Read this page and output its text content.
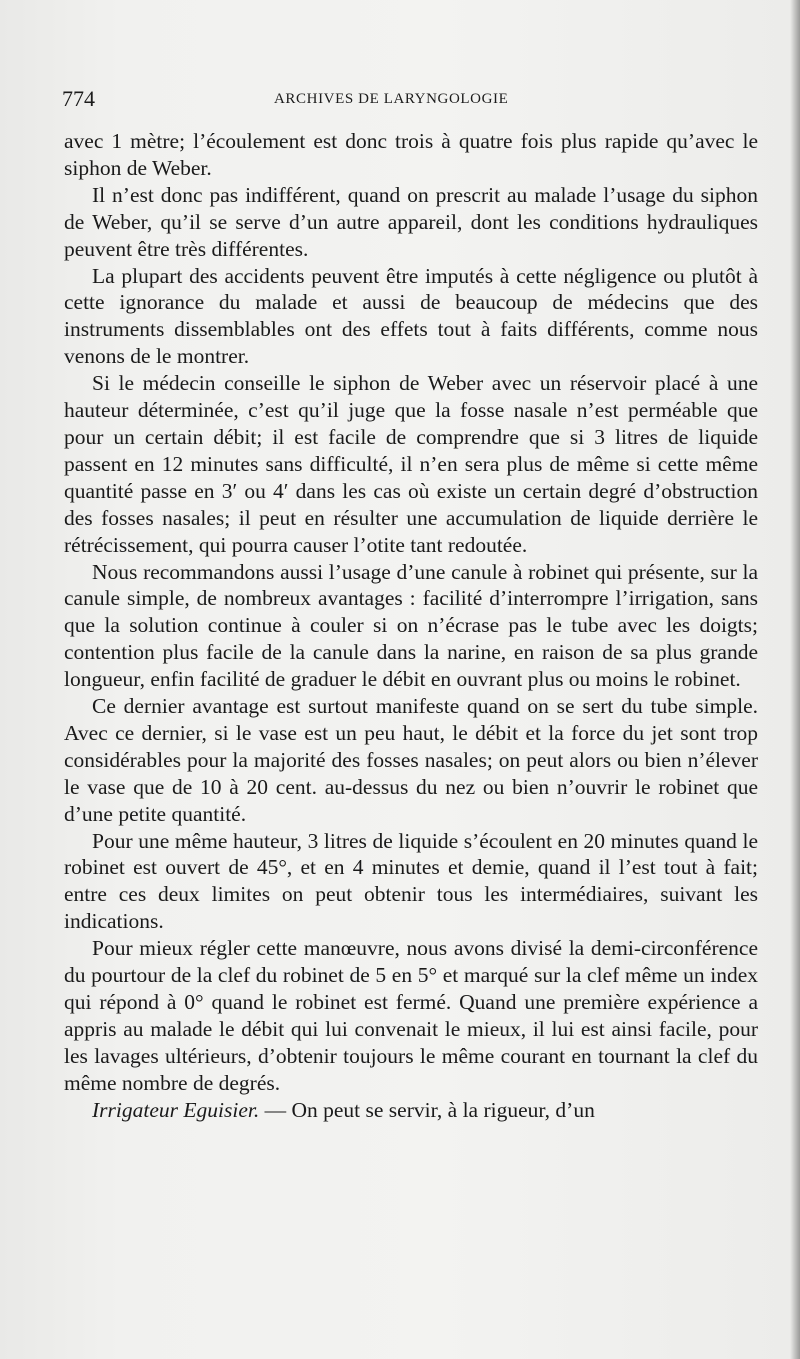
774	ARCHIVES DE LARYNGOLOGIE

avec 1 mètre; l’écoulement est donc trois à quatre fois plus rapide qu’avec le siphon de Weber.

Il n’est donc pas indifférent, quand on prescrit au malade l’usage du siphon de Weber, qu’il se serve d’un autre appareil, dont les conditions hydrauliques peuvent être très différentes.

La plupart des accidents peuvent être imputés à cette négligence ou plutôt à cette ignorance du malade et aussi de beaucoup de médecins que des instruments dissemblables ont des effets tout à faits différents, comme nous venons de le montrer.

Si le médecin conseille le siphon de Weber avec un réservoir placé à une hauteur déterminée, c’est qu’il juge que la fosse nasale n’est perméable que pour un certain débit; il est facile de comprendre que si 3 litres de liquide passent en 12 minutes sans difficulté, il n’en sera plus de même si cette même quantité passe en 3′ ou 4′ dans les cas où existe un certain degré d’obstruction des fosses nasales; il peut en résulter une accumulation de liquide derrière le rétrécissement, qui pourra causer l’otite tant redoutée.

Nous recommandons aussi l’usage d’une canule à robinet qui présente, sur la canule simple, de nombreux avantages : facilité d’interrompre l’irrigation, sans que la solution continue à couler si on n’écrase pas le tube avec les doigts; contention plus facile de la canule dans la narine, en raison de sa plus grande longueur, enfin facilité de graduer le débit en ouvrant plus ou moins le robinet.

Ce dernier avantage est surtout manifeste quand on se sert du tube simple. Avec ce dernier, si le vase est un peu haut, le débit et la force du jet sont trop considérables pour la majorité des fosses nasales; on peut alors ou bien n’élever le vase que de 10 à 20 cent. au-dessus du nez ou bien n’ouvrir le robinet que d’une petite quantité.

Pour une même hauteur, 3 litres de liquide s’écoulent en 20 minutes quand le robinet est ouvert de 45°, et en 4 minutes et demie, quand il l’est tout à fait; entre ces deux limites on peut obtenir tous les intermédiaires, suivant les indications.

Pour mieux régler cette manœuvre, nous avons divisé la demi-circonférence du pourtour de la clef du robinet de 5 en 5° et marqué sur la clef même un index qui répond à 0° quand le robinet est fermé. Quand une première expérience a appris au malade le débit qui lui convenait le mieux, il lui est ainsi facile, pour les lavages ultérieurs, d’obtenir toujours le même courant en tournant la clef du même nombre de degrés.

Irrigateur Eguisier. — On peut se servir, à la rigueur, d’un
